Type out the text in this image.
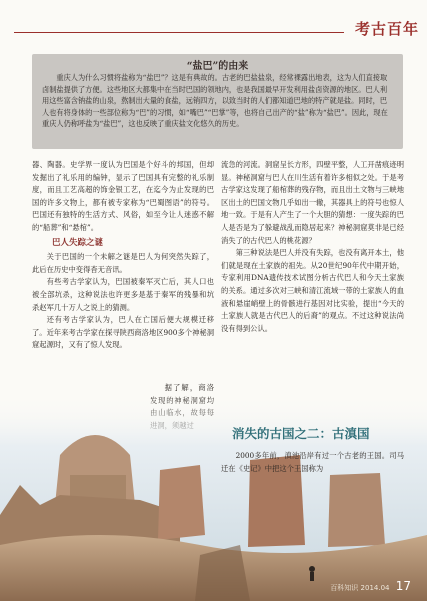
考古百年
“盐巴”的由来

重庆人为什么习惯将盐称为“盐巴”？这是有典故的。古老的巴盐盐泉，经常裸露出地表，这为人们直接取卤制盐提供了方便。这些地区大都集中在当时巴国的领地内，也是我国最早开发利用盐卤资源的地区。巴人利用这些富含钠盐的山泉，熬制出大量的食盐，远销四方，以致当时的人们都知道巴地的特产就是盐。同时，巴人也有将身体的一些部位称为“巴”的习惯，如“嘴巴”“巴掌”等，也将自己出产的“盐”称为“盐巴”。因此，现在重庆人仍称呼盐为“盐巴”，这也反映了重庆盐文化悠久的历史。

器、陶器。史学界一度认为巴国是个好斗的邦国，但却发掘出了礼乐用的编钟，显示了巴国具有完整的礼乐制度，而且工艺高超的饰金银工艺，在迄今为止发现的巴国的许多文物上，都有被专家称为“巴蜀图语”的符号。巴国还有独特的生活方式、风俗，如至今让人迷惑不解的“船葬”和“悬棺”。

巴人失踪之谜

关于巴国的一个未解之谜是巴人为何突然失踪了，此后在历史中变得杳无音讯。

有些考古学家认为，巴国被秦军灭亡后，其人口也被全部坑杀，这种说法也许更多是基于秦军的残暴和坑杀赵军几十万人之说上的猜测。

还有考古学家认为，巴人在亡国后便大规模迁移了。近年来考古学家在探寻陕西商洛地区900多个神秘洞窟起源时，又有了惊人发现。

据了解，商洛

流急的河流。洞窟呈长方形，四壁平整，人工开凿痕迹明显。神秘洞窟与巴人在川生活有着许多相似之处。于是考古学家这发现了船棺葬的残存物，而且出土文物与三峡地区出土的巴国文物几乎如出一辙，其器具上的符号也惊人地一致。于是有人产生了一个大胆的猜想：一度失踪的巴人是否是为了躲避战乱而隐居起来？神秘洞窟莫非是已经消失了的古代巴人的桃花源？

第三种说法是巴人并没有失踪，也没有离开本土，他们就是现在土家族的祖先。从20世纪90年代中期开始，专家利用DNA遗传技术试图分析古代巴人和今天土家族的关系。通过多次对三峡和清江流域一带的土家族人的血液和悬崖峭壁上的骨骸进行基因对比实验，提出“今天的土家族人就是古代巴人的后裔”的观点。不过这种说法尚没有得到公认。

消失的古国之二：古滇国

2000多年前，滇池沿岸有过一个古老的王国。司马迁在《史记》中把这个王国称为

百科知识 2014.04 17
